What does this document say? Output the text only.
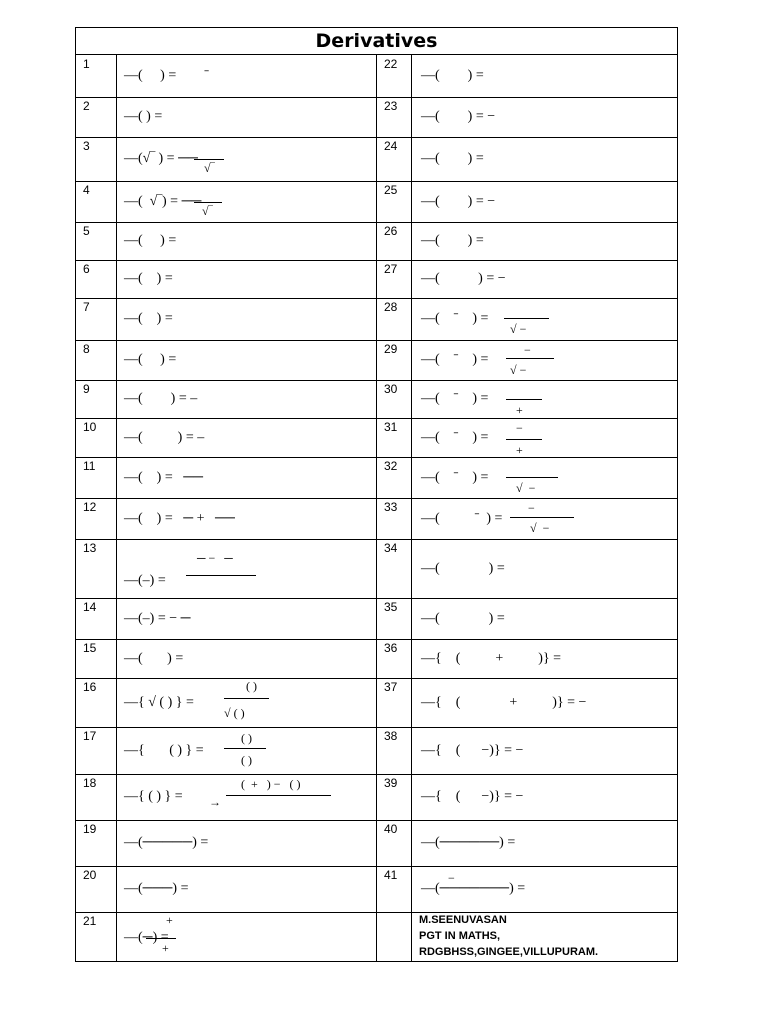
Derivatives
1
—(     ) =        ˉ
2
—( ) =
3
—(√‾ ) = ──
4
—(  √‾) = ──
5
—(     ) =
6
—(    ) =
7
—(    ) =
8
—(     ) =
9
—(        ) = –
10
—(          ) = –
11
—(    ) =   ──
12
—(    ) =   ─ +   ──
13
—(–) =
14
—(–) = − ─
15
—(       ) =
16
—{ √ ( ) } =
17
—{       ( ) } =
18
—{ ( ) } =
19
—(─────) =
20
—(───) =
21
—(─) =
22
—(        ) =
23
—(        ) = −
24
—(        ) =
25
—(        ) = −
26
—(        ) =
27
—(           ) = −
28
—(    ˉ    ) =
29
—(    ˉ    ) =
30
—(    ˉ    ) =
31
—(    ˉ    ) =
32
—(    ˉ    ) =
33
—(          ˉ  ) =
34
—(              ) =
35
—(              ) =
36
—{    (          +          )} =
37
—{    (              +          )} = −
38
—{    (      −)} = −
39
—{    (      −)} = −
40
—(──────) =
41
—(───────) =
√‾
√‾
─ −   ─
( )
√ ( )
( )
( )
(  +   ) −   ( )
→
+
+
√ −
−
√ −
+
−
+
√  −
−
√  −
−
M.SEENUVASAN
PGT IN MATHS,
RDGBHSS,GINGEE,VILLUPURAM.
